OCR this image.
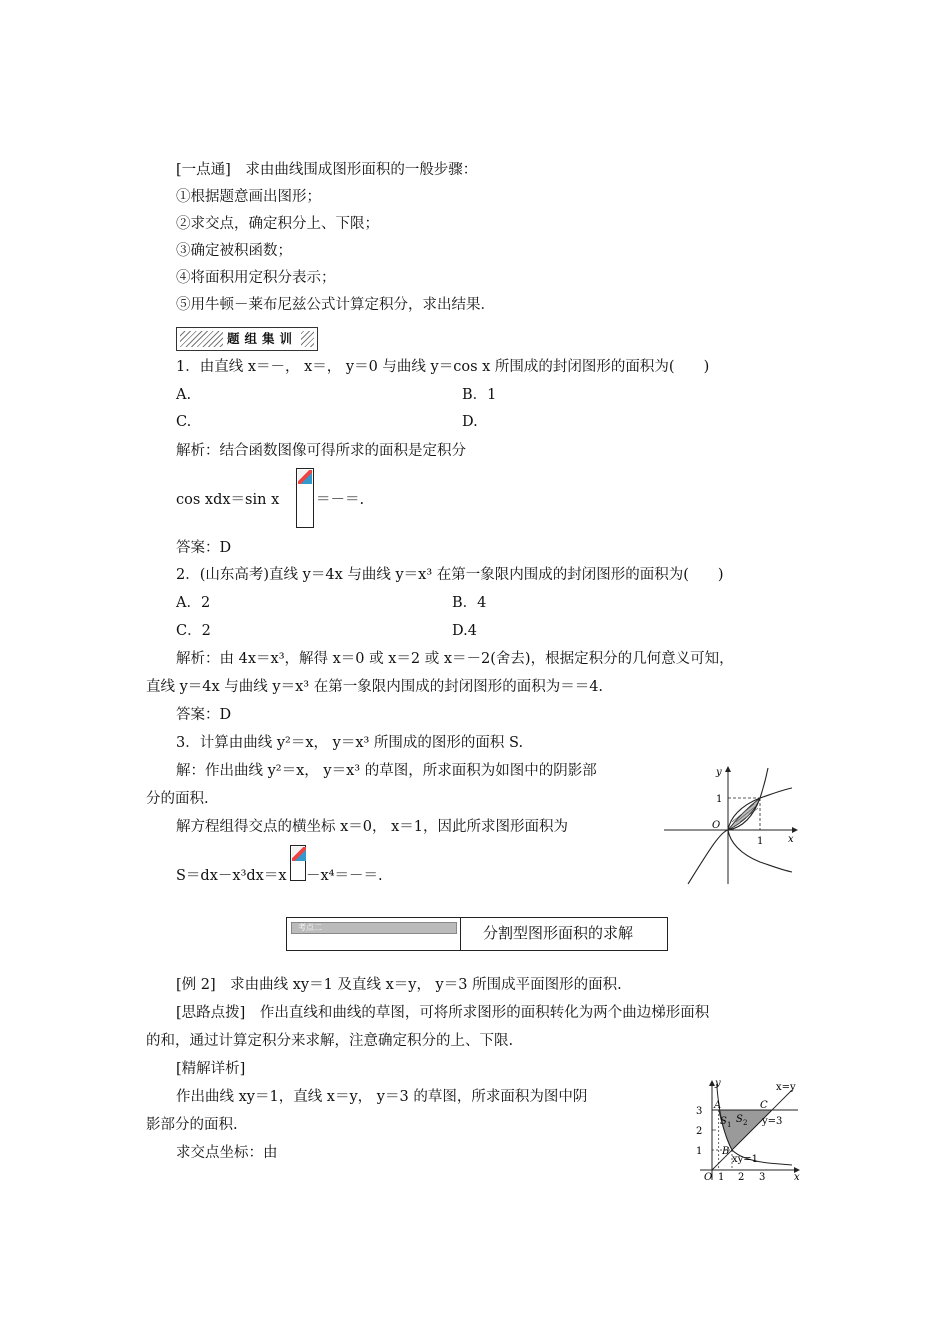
[一点通]　求由曲线围成图形面积的一般步骤：
①根据题意画出图形；
②求交点，确定积分上、下限；
③确定被积函数；
④将面积用定积分表示；
⑤用牛顿－莱布尼兹公式计算定积分，求出结果．
题组集训
1．由直线 x＝－， x＝， y＝0 与曲线 y＝cos x 所围成的封闭图形的面积为(　　)
A.	B．1
C.	D.
解析：结合函数图像可得所求的面积是定积分
cos xdx＝sin x	＝－＝.
答案：D
2．(山东高考)直线 y＝4x 与曲线 y＝x³ 在第一象限内围成的封闭图形的面积为(　　)
A．2	B．4
C．2	D.4
解析：由 4x＝x³，解得 x＝0 或 x＝2 或 x＝－2(舍去)，根据定积分的几何意义可知，
直线 y＝4x 与曲线 y＝x³ 在第一象限内围成的封闭图形的面积为＝＝4.
答案：D
3．计算由曲线 y²＝x， y＝x³ 所围成的图形的面积 S.
解：作出曲线 y²＝x， y＝x³ 的草图，所求面积为如图中的阴影部
分的面积.
解方程组得交点的横坐标 x＝0， x＝1，因此所求图形面积为
S＝dx－x³dx＝x －x⁴＝－＝.
y
x
O
1
1
考点二	分割型图形面积的求解
[例 2]　求由曲线 xy＝1 及直线 x＝y， y＝3 所围成平面图形的面积.
[思路点拨]　作出直线和曲线的草图，可将所求图形的面积转化为两个曲边梯形面积
的和，通过计算定积分来求解，注意确定积分的上、下限.
[精解详析]
作出曲线 xy＝1，直线 x＝y， y＝3 的草图，所求面积为图中阴
影部分的面积.
求交点坐标：由
y
x
O 1 2 3
1
2
3
A
B
C
S 1 S 2 y=3
xy=1
x=y
